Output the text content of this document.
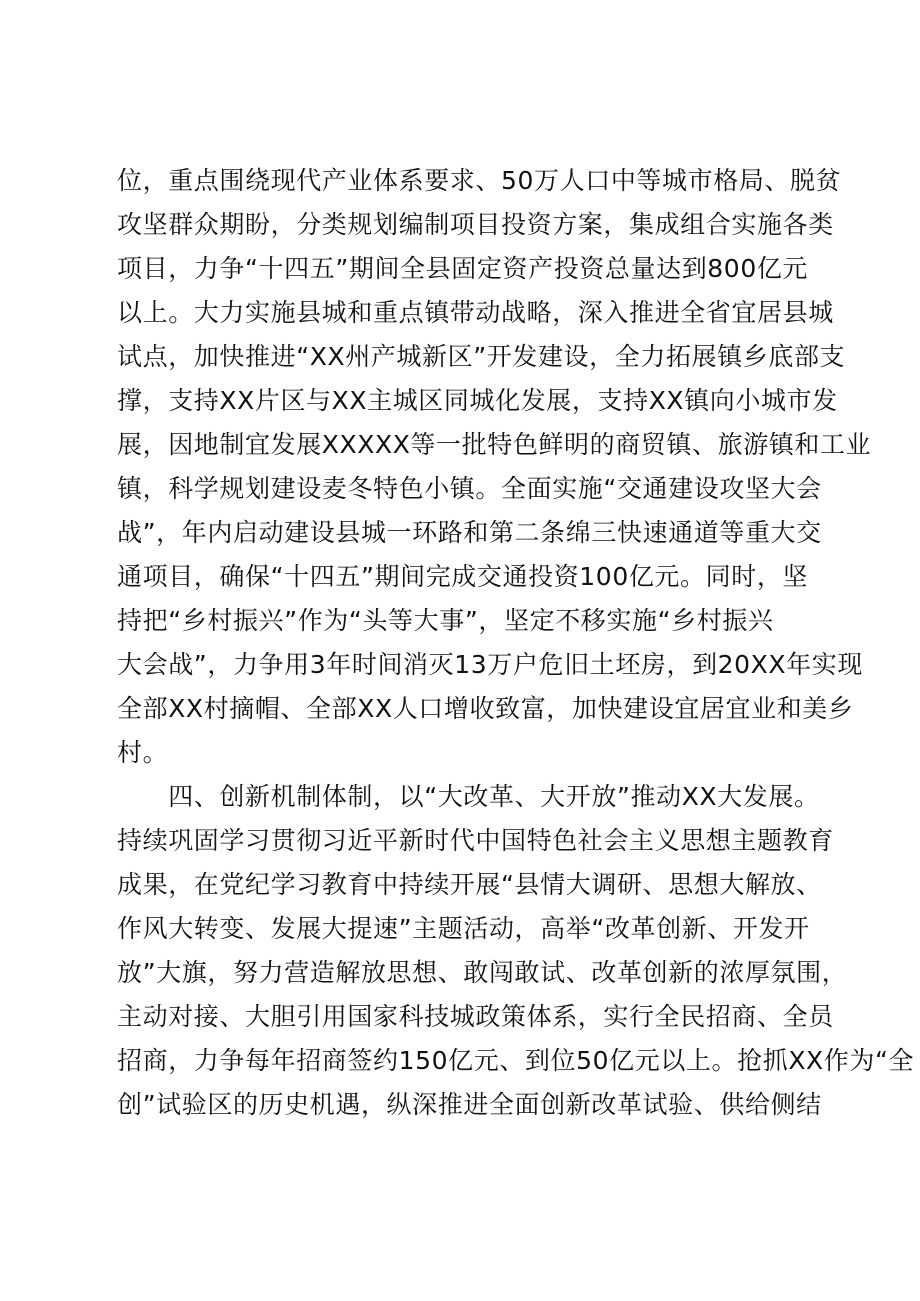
位，重点围绕现代产业体系要求、50万人口中等城市格局、脱贫
攻坚群众期盼，分类规划编制项目投资方案，集成组合实施各类
项目，力争“十四五”期间全县固定资产投资总量达到800亿元
以上。大力实施县城和重点镇带动战略，深入推进全省宜居县城
试点，加快推进“XX州产城新区”开发建设，全力拓展镇乡底部支
撑，支持XX片区与XX主城区同城化发展，支持XX镇向小城市发
展，因地制宜发展XXXXX等一批特色鲜明的商贸镇、旅游镇和工业
镇，科学规划建设麦冬特色小镇。全面实施“交通建设攻坚大会
战”，年内启动建设县城一环路和第二条绵三快速通道等重大交
通项目，确保“十四五”期间完成交通投资100亿元。同时，坚
持把“乡村振兴”作为“头等大事”，坚定不移实施“乡村振兴
大会战”，力争用3年时间消灭13万户危旧土坯房，到20XX年实现
全部XX村摘帽、全部XX人口增收致富，加快建设宜居宜业和美乡
村。
　　四、创新机制体制，以“大改革、大开放”推动XX大发展。
持续巩固学习贯彻习近平新时代中国特色社会主义思想主题教育
成果，在党纪学习教育中持续开展“县情大调研、思想大解放、
作风大转变、发展大提速”主题活动，高举“改革创新、开发开
放”大旗，努力营造解放思想、敢闯敢试、改革创新的浓厚氛围，
主动对接、大胆引用国家科技城政策体系，实行全民招商、全员
招商，力争每年招商签约150亿元、到位50亿元以上。抢抓XX作为“全
创”试验区的历史机遇，纵深推进全面创新改革试验、供给侧结
